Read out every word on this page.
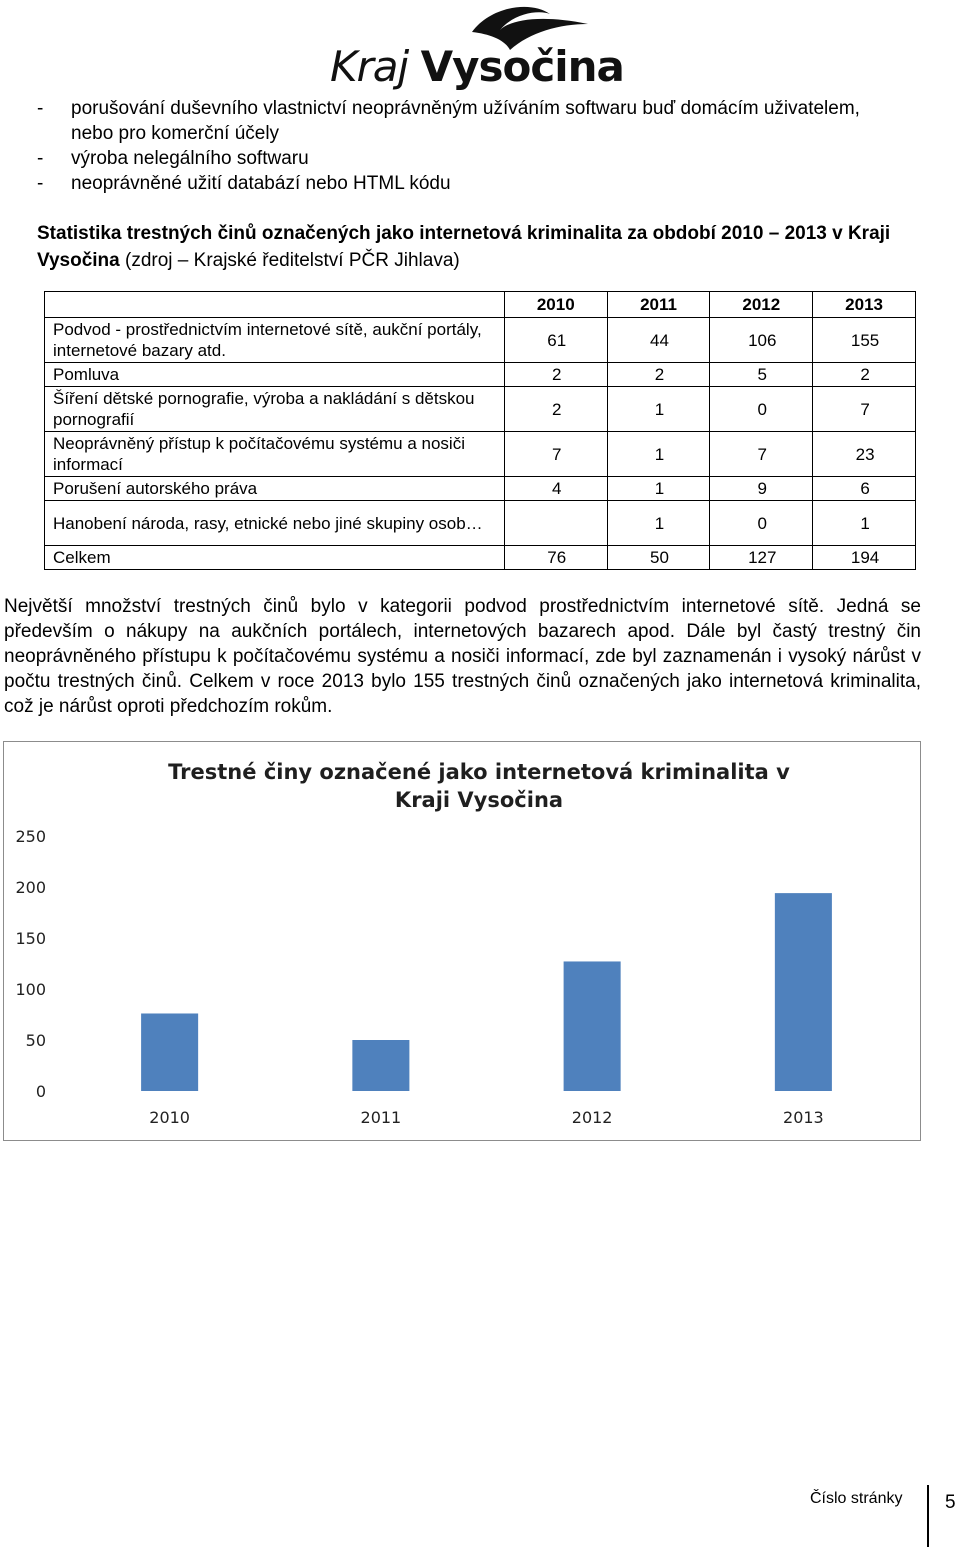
Kraj Vysočina
-	porušování duševního vlastnictví neoprávněným užíváním softwaru buď domácím uživatelem, nebo pro komerční účely
-	výroba nelegálního softwaru
-	neoprávněné užití databází nebo HTML kódu
Statistika trestných činů označených jako internetová kriminalita za období 2010 – 2013 v Kraji Vysočina (zdroj – Krajské ředitelství PČR Jihlava)
	2010	2011	2012	2013
Podvod - prostřednictvím internetové sítě, aukční portály, internetové bazary atd.	61	44	106	155
Pomluva	2	2	5	2
Šíření dětské pornografie, výroba a nakládání s dětskou pornografií	2	1	0	7
Neoprávněný přístup k počítačovému systému a nosiči informací	7	1	7	23
Porušení autorského práva	4	1	9	6
Hanobení národa, rasy, etnické nebo jiné skupiny osob…		1	0	1
Celkem	76	50	127	194
Největší množství trestných činů bylo v kategorii podvod prostřednictvím internetové sítě. Jedná se především o nákupy na aukčních portálech, internetových bazarech apod. Dále byl častý trestný čin neoprávněného přístupu k počítačovému systému a nosiči informací, zde byl zaznamenán i vysoký nárůst v počtu trestných činů. Celkem v roce 2013 bylo 155 trestných činů označených jako internetová kriminalita, což je nárůst oproti předchozím rokům.
Trestné činy označené jako internetová kriminalita v Kraji Vysočina
0
50
100
150
200
250
2010	2011	2012	2013
Číslo stránky 5
